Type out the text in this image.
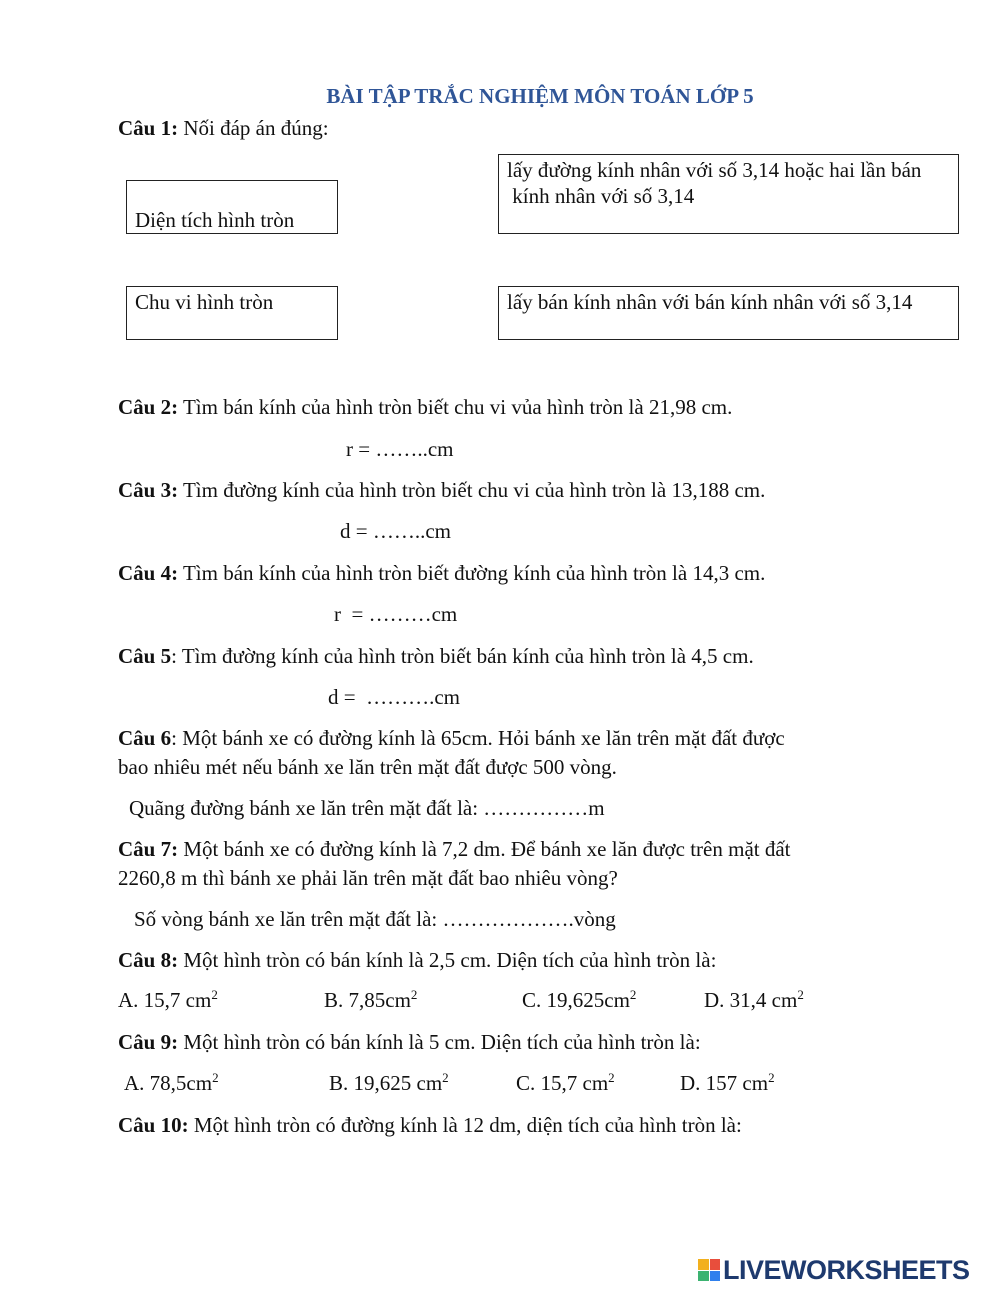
BÀI TẬP TRẮC NGHIỆM MÔN TOÁN LỚP 5
Câu 1: Nối đáp án đúng:
Diện tích hình tròn
Chu vi hình tròn
lấy đường kính nhân với số 3,14 hoặc hai lần bán
kính nhân với số 3,14
lấy bán kính nhân với bán kính nhân với số 3,14
Câu 2: Tìm bán kính của hình tròn biết chu vi vủa hình tròn là 21,98 cm.
r = ……..cm
Câu 3: Tìm đường kính của hình tròn biết chu vi của hình tròn là 13,188 cm.
d = ……..cm
Câu 4: Tìm bán kính của hình tròn biết đường kính của hình tròn là 14,3 cm.
r  = ………cm
Câu 5: Tìm đường kính của hình tròn biết bán kính của hình tròn là 4,5 cm.
d =  ……….cm
Câu 6: Một bánh xe có đường kính là 65cm. Hỏi bánh xe lăn trên mặt đất được
bao nhiêu mét nếu bánh xe lăn trên mặt đất được 500 vòng.
Quãng đường bánh xe lăn trên mặt đất là: ……………m
Câu 7: Một bánh xe có đường kính là 7,2 dm. Để bánh xe lăn được trên mặt đất
2260,8 m thì bánh xe phải lăn trên mặt đất bao nhiêu vòng?
Số vòng bánh xe lăn trên mặt đất là: ……………….vòng
Câu 8: Một hình tròn có bán kính là 2,5 cm. Diện tích của hình tròn là:
A. 15,7 $cm^2$	B. $7,85cm^2$	C. $19,625cm^2$	D. 31,4 $cm^2$
Câu 9: Một hình tròn có bán kính là 5 cm. Diện tích của hình tròn là:
A. $78,5cm^2$	B. 19,625 $cm^2$	C. 15,7 $cm^2$	D. 157 $cm^2$
Câu 10: Một hình tròn có đường kính là 12 dm, diện tích của hình tròn là:
LIVEWORKSHEETS
